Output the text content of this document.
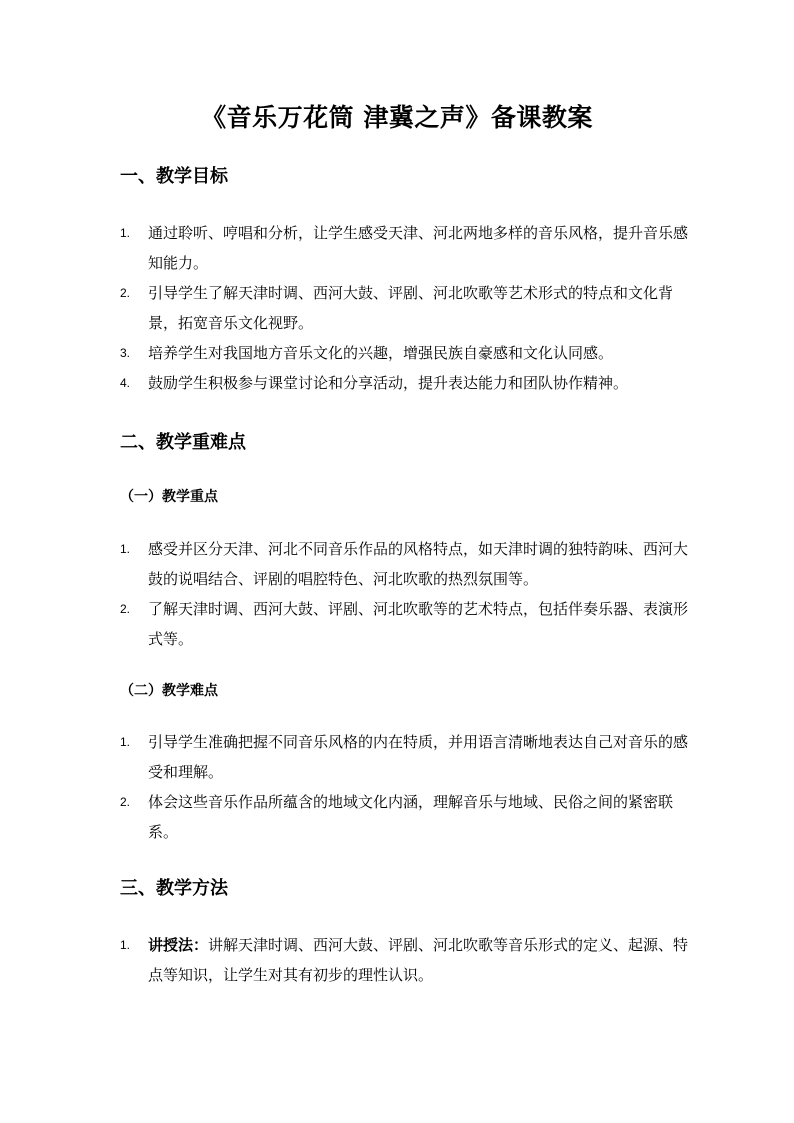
《音乐万花筒 津冀之声》备课教案
一、教学目标
1. 通过聆听、哼唱和分析，让学生感受天津、河北两地多样的音乐风格，提升音乐感知能力。
2. 引导学生了解天津时调、西河大鼓、评剧、河北吹歌等艺术形式的特点和文化背景，拓宽音乐文化视野。
3. 培养学生对我国地方音乐文化的兴趣，增强民族自豪感和文化认同感。
4. 鼓励学生积极参与课堂讨论和分享活动，提升表达能力和团队协作精神。
二、教学重难点
（一）教学重点
1. 感受并区分天津、河北不同音乐作品的风格特点，如天津时调的独特韵味、西河大鼓的说唱结合、评剧的唱腔特色、河北吹歌的热烈氛围等。
2. 了解天津时调、西河大鼓、评剧、河北吹歌等的艺术特点，包括伴奏乐器、表演形式等。
（二）教学难点
1. 引导学生准确把握不同音乐风格的内在特质，并用语言清晰地表达自己对音乐的感受和理解。
2. 体会这些音乐作品所蕴含的地域文化内涵，理解音乐与地域、民俗之间的紧密联系。
三、教学方法
1. 讲授法：讲解天津时调、西河大鼓、评剧、河北吹歌等音乐形式的定义、起源、特点等知识，让学生对其有初步的理性认识。
